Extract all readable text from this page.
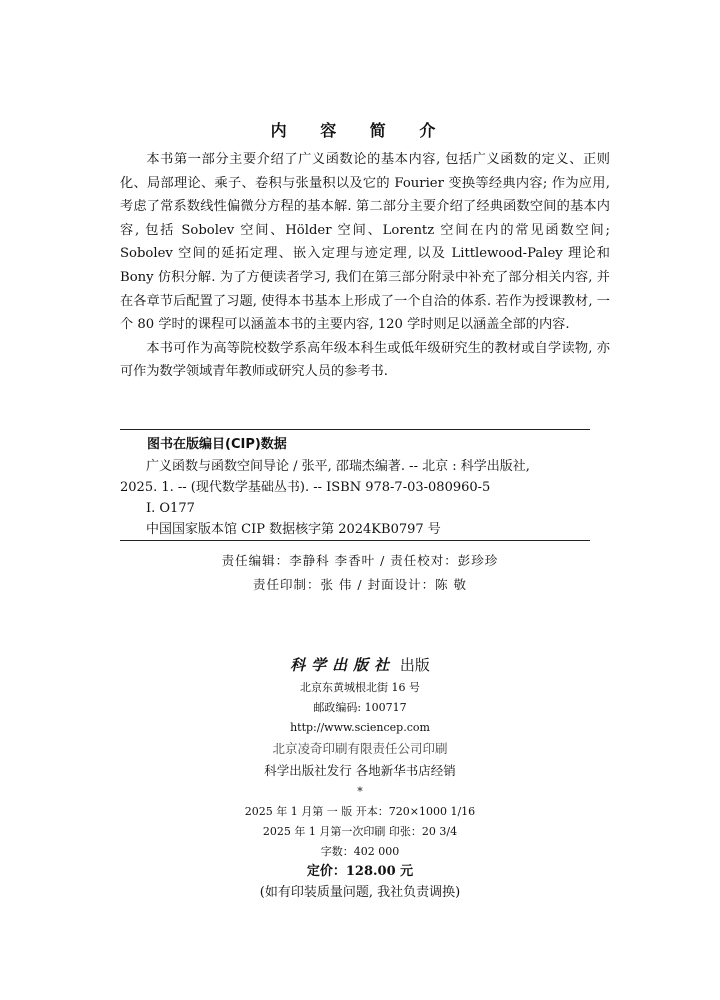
内 容 简 介

本书第一部分主要介绍了广义函数论的基本内容, 包括广义函数的定义、正则化、局部理论、乘子、卷积与张量积以及它的 Fourier 变换等经典内容; 作为应用, 考虑了常系数线性偏微分方程的基本解. 第二部分主要介绍了经典函数空间的基本内容, 包括 Sobolev 空间、Hölder 空间、Lorentz 空间在内的常见函数空间; Sobolev 空间的延拓定理、嵌入定理与迹定理, 以及 Littlewood-Paley 理论和 Bony 仿积分解. 为了方便读者学习, 我们在第三部分附录中补充了部分相关内容, 并在各章节后配置了习题, 使得本书基本上形成了一个自洽的体系. 若作为授课教材, 一个 80 学时的课程可以涵盖本书的主要内容, 120 学时则足以涵盖全部的内容.

本书可作为高等院校数学系高年级本科生或低年级研究生的教材或自学读物, 亦可作为数学领域青年教师或研究人员的参考书.

图书在版编目(CIP)数据
广义函数与函数空间导论 / 张平, 邵瑞杰编著. -- 北京 : 科学出版社,
2025. 1. -- (现代数学基础丛书). -- ISBN 978-7-03-080960-5
I. O177
中国国家版本馆 CIP 数据核字第 2024KB0797 号
责任编辑：李静科 李香叶 / 责任校对：彭珍珍
责任印制：张 伟 / 封面设计：陈 敬
科学出版社 出版
北京东黄城根北街 16 号
邮政编码: 100717
http://www.sciencep.com
北京凌奇印刷有限责任公司印刷
科学出版社发行 各地新华书店经销
*
2025 年 1 月第 一 版 开本：720×1000 1/16
2025 年 1 月第一次印刷 印张：20 3/4
字数：402 000
定价：128.00 元
(如有印装质量问题, 我社负责调换)
